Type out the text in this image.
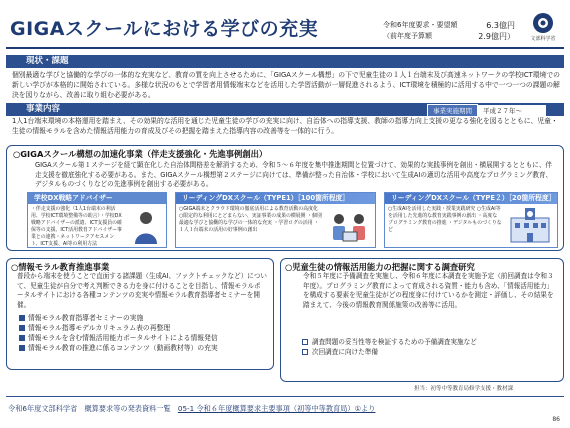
GIGAスクールにおける学びの充実	令和6年度要求・要望額	6.3億円
（前年度予算額	2.9億円）	文部科学省
現状・課題
個別最適な学びと協働的な学びの一体的な充実など、教育の質を向上させるために、「GIGAスクール構想」の下で児童生徒の１人１台端末及び高速ネットワークの学校ICT環境での新しい学びが本格的に開始されている。多様な状況のもとで学習者用情報端末などを活用した学習活動が一層促進されるよう、ICT環境を積極的に活用する中で一つ一つの課題の解決を図りながら、改善に取り組む必要がある。
事業内容	事業実施期間	平成２７年～
1人1台端末環境の本格運用を踏まえ、その効果的な活用を通じた児童生徒の学びの充実に向け、自治体への指導支援、教師の指導力向上支援の更なる強化を図るとともに、児童・生徒の情報モラルを含めた情報活用能力の育成及びその把握を踏まえた指導内容の改善等を一体的に行う。
○GIGAスクール構想の加速化事業（伴走支援強化・先進事例創出）
GIGAスクール第１ステージを経て顕在化した自治体間格差を解消するため、令和５～６年度を集中推進期間と位置づけて、効果的な実践事例を創出・横展開するとともに、伴走支援を徹底強化する必要がある。また、GIGAスクール構想第２ステージに向けては、準備が整った自治体・学校において生成AIの適切な活用や高度なプログラミング教育、デジタルものづくりなどの先進事例を創出する必要がある。
学校DX戦略アドバイザー
・伴走支援の強化（1人1台端末の利活用、学校ICT環境整備等の助言）・学校DX戦略アドバイザーの派遣、ICT支援員の確保等の支援、ICT活用教育アドバイザー事業との連携・ネットワークアセスメント、ICT支援、AI等の利用方法
リーディングDXスクール（TYPE1）［100箇所程度］
○GIGA端末とクラウド環境の徹底活用による教育活動の高度化 ○限定的な利用にとどまらない、実証事業の成果の横展開 ・個別最適な学びと協働的な学びの一体的な充実 ・学習ログの活用 ・１人１台端末の活用の好事例の創出
リーディングDXスクール（TYPE２）［20箇所程度］
○生成AIを活用した実践・授業実践研究 ○生成AI等を活用した先進的な教育実践事例の創出 ・高度なプログラミング教育の推進 ・デジタルものづくりなど
○情報モラル教育推進事業
普段から端末を使うことで直面する諸課題（生成AI、ファクトチェックなど）について、児童生徒が自分で考え判断できる力を身に付けることを目指し、情報モラルポータルサイトにおける各種コンテンツの充実や情報モラル教育指導者セミナーを開催。
情報モラル教育指導者セミナーの実施
情報モラル指導モデルカリキュラム表の再整理
情報モラルを含む情報活用能力ポータルサイトによる情報発信
情報モラル教育の推進に係るコンテンツ（動画教材等）の充実
○児童生徒の情報活用能力の把握に関する調査研究
令和５年度に予備調査を実施し、令和６年度に本調査を実施予定（前回調査は令和３年度）。プログラミング教育によって育成される資質・能力も含め、「情報活用能力」を構成する要素を児童生徒がどの程度身に付けているかを測定・評価し、その結果を踏まえて、今後の情報教育関係施策の改善等に活用。
調査問題の妥当性等を検証するための予備調査実施など
次回調査に向けた準備
担当：初等中等教育局修学支援・教材課
令和6年度文部科学省　概算要求等の発表資料一覧　05-1 令和６年度概算要求主要事項（初等中等教育局）①より
86
